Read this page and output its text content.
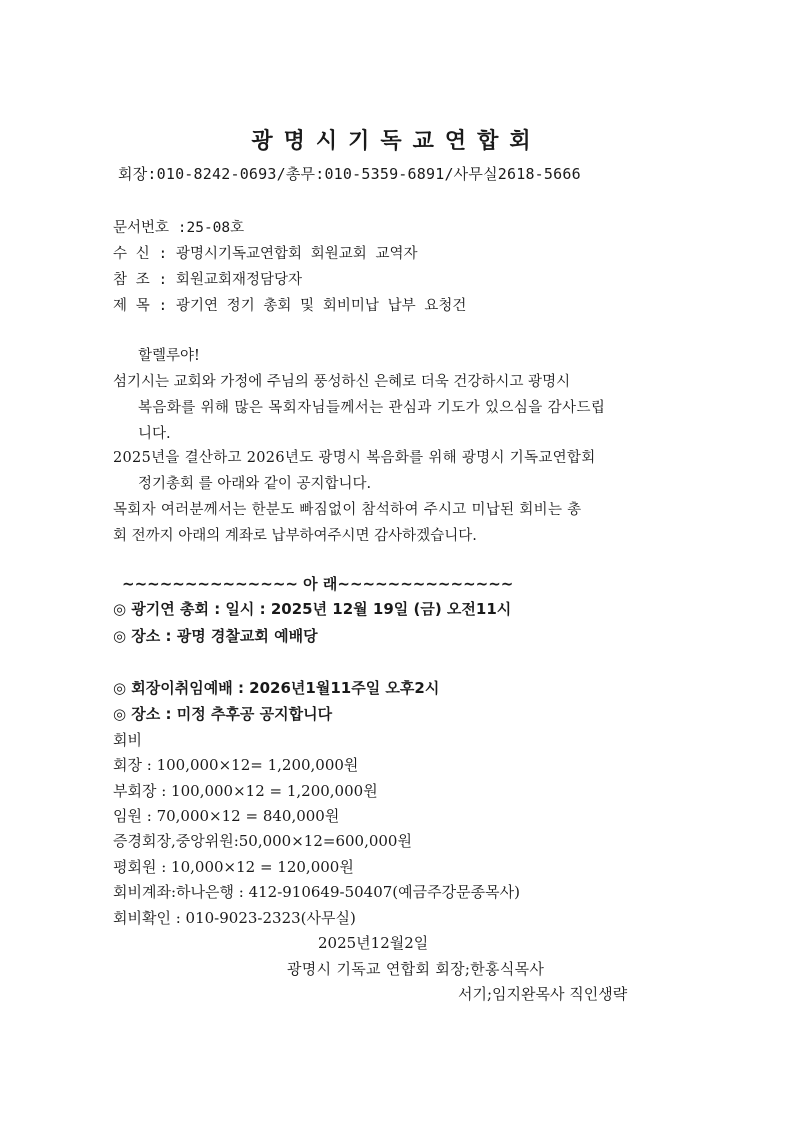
광명시기독교연합회
회장:010-8242-0693/총무:010-5359-6891/사무실2618-5666
문서번호 :25-08호
수 신 : 광명시기독교연합회 회원교회 교역자
참 조 : 회원교회재정담당자
제 목 : 광기연 정기 총회 및 회비미납 납부 요청건
할렐루야!
섬기시는 교회와 가정에 주님의 풍성하신 은혜로 더욱 건강하시고 광명시
복음화를 위해 많은 목회자님들께서는 관심과 기도가 있으심을 감사드립
니다.
2025년을 결산하고 2026년도 광명시 복음화를 위해 광명시 기독교연합회
정기총회 를 아래와 같이 공지합니다.
목회자 여러분께서는 한분도 빠짐없이 참석하여 주시고 미납된 회비는 총
회 전까지 아래의 계좌로 납부하여주시면 감사하겠습니다.
~~~~~~~~~~~~~~ 아 래~~~~~~~~~~~~~~
◎ 광기연 총회 : 일시 : 2025년 12월 19일 (금) 오전11시
◎ 장소 : 광명 경찰교회 예배당
◎ 회장이취임예배 : 2026년1월11주일 오후2시
◎ 장소 : 미정 추후공 공지합니다
회비
회장 : 100,000×12= 1,200,000원
부회장 : 100,000×12 = 1,200,000원
임원 : 70,000×12 = 840,000원
증경회장,중앙위원:50,000×12=600,000원
평회원 : 10,000×12 = 120,000원
회비계좌:하나은행 : 412-910649-50407(예금주강문종목사)
회비확인 : 010-9023-2323(사무실)
2025년12월2일
광명시 기독교 연합회 회장;한홍식목사
서기;임지완목사 직인생략
